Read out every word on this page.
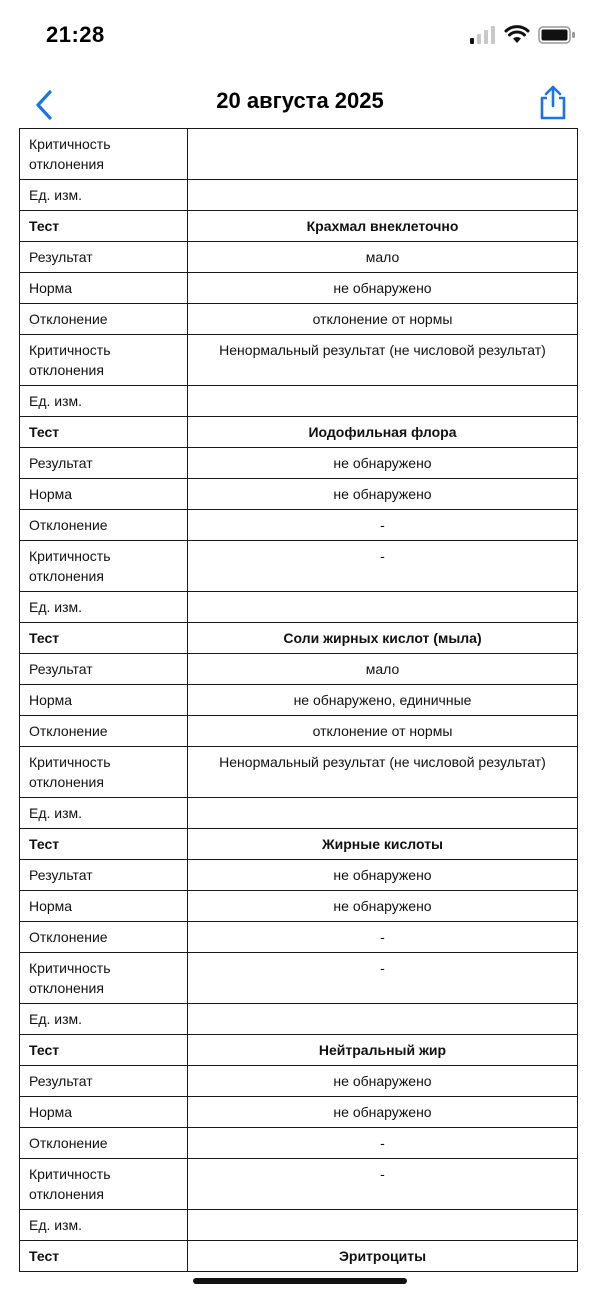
21:28
20 августа 2025
Критичность отклонения	
Ед. изм.	
Тест	Крахмал внеклеточно
Результат	мало
Норма	не обнаружено
Отклонение	отклонение от нормы
Критичность отклонения	Ненормальный результат (не числовой результат)
Ед. изм.	
Тест	Иодофильная флора
Результат	не обнаружено
Норма	не обнаружено
Отклонение	-
Критичность отклонения	-
Ед. изм.	
Тест	Соли жирных кислот (мыла)
Результат	мало
Норма	не обнаружено, единичные
Отклонение	отклонение от нормы
Критичность отклонения	Ненормальный результат (не числовой результат)
Ед. изм.	
Тест	Жирные кислоты
Результат	не обнаружено
Норма	не обнаружено
Отклонение	-
Критичность отклонения	-
Ед. изм.	
Тест	Нейтральный жир
Результат	не обнаружено
Норма	не обнаружено
Отклонение	-
Критичность отклонения	-
Ед. изм.	
Тест	Эритроциты
